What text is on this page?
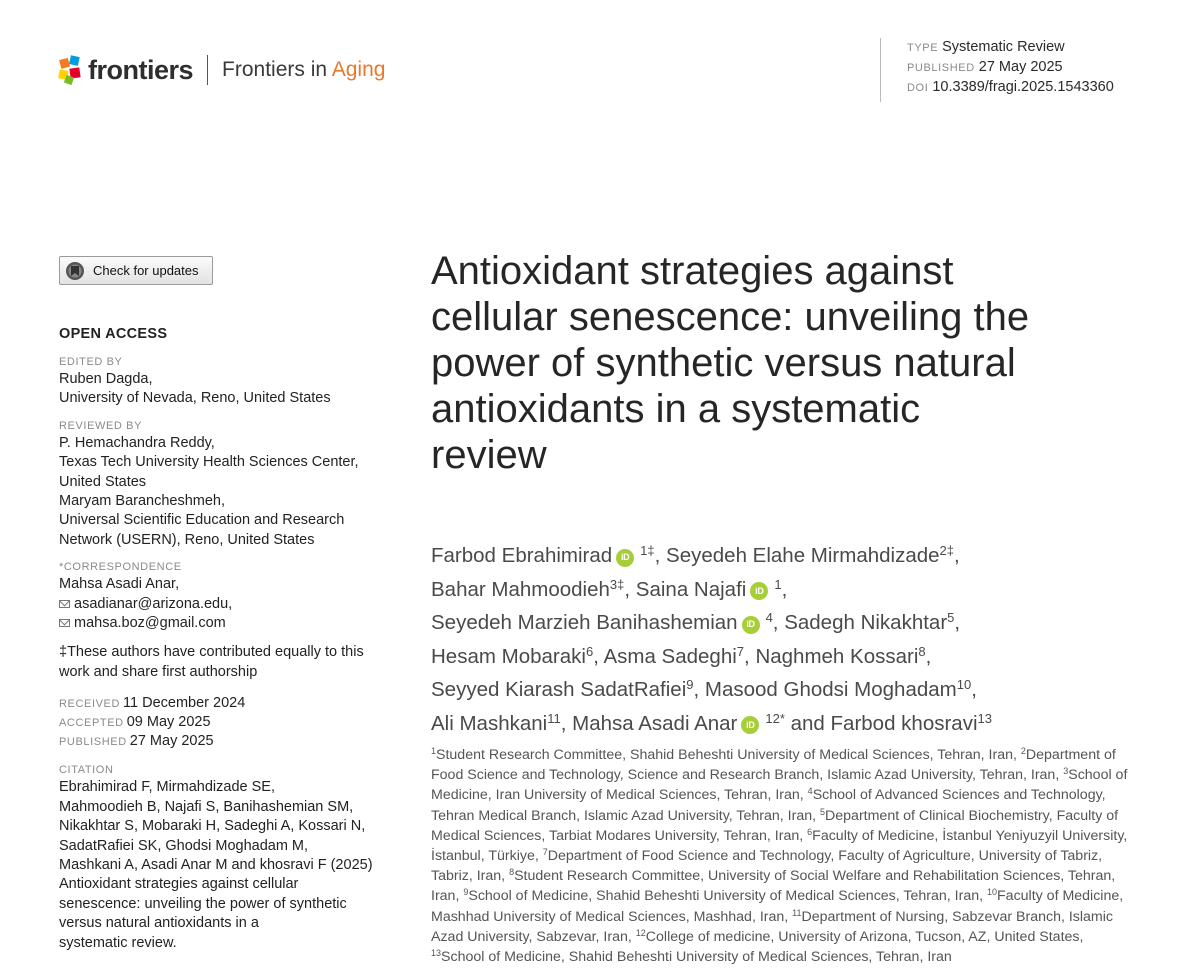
frontiers Frontiers in Aging
TYPE Systematic Review
PUBLISHED 27 May 2025
DOI 10.3389/fragi.2025.1543360
Check for updates
OPEN ACCESS
EDITED BY
Ruben Dagda,
University of Nevada, Reno, United States
REVIEWED BY
P. Hemachandra Reddy,
Texas Tech University Health Sciences Center,
United States
Maryam Barancheshmeh,
Universal Scientific Education and Research
Network (USERN), Reno, United States
*CORRESPONDENCE
Mahsa Asadi Anar,
asadianar@arizona.edu,
mahsa.boz@gmail.com
‡These authors have contributed equally to this
work and share first authorship
RECEIVED 11 December 2024
ACCEPTED 09 May 2025
PUBLISHED 27 May 2025
CITATION
Ebrahimirad F, Mirmahdizade SE,
Mahmoodieh B, Najafi S, Banihashemian SM,
Nikakhtar S, Mobaraki H, Sadeghi A, Kossari N,
SadatRafiei SK, Ghodsi Moghadam M,
Mashkani A, Asadi Anar M and khosravi F (2025)
Antioxidant strategies against cellular
senescence: unveiling the power of synthetic
versus natural antioxidants in a
systematic review.
Antioxidant strategies against
cellular senescence: unveiling the
power of synthetic versus natural
antioxidants in a systematic
review
Farbod Ebrahimirad iD $^{1\ddagger}$, Seyedeh Elahe Mirmahdizade$^{2\ddagger}$,
Bahar Mahmoodieh$^{3\ddagger}$, Saina Najafi iD $^1$,
Seyedeh Marzieh Banihashemian iD $^4$, Sadegh Nikakhtar$^5$,
Hesam Mobaraki$^6$, Asma Sadeghi$^7$, Naghmeh Kossari$^8$,
Seyyed Kiarash SadatRafiei$^9$, Masood Ghodsi Moghadam$^{10}$,
Ali Mashkani$^{11}$, Mahsa Asadi Anar iD $^{12*}$ and Farbod khosravi$^{13}$
$^1$Student Research Committee, Shahid Beheshti University of Medical Sciences, Tehran, Iran, $^2$Department of Food Science and Technology, Science and Research Branch, Islamic Azad University, Tehran, Iran, $^3$School of Medicine, Iran University of Medical Sciences, Tehran, Iran, $^4$School of Advanced Sciences and Technology, Tehran Medical Branch, Islamic Azad University, Tehran, Iran, $^5$Department of Clinical Biochemistry, Faculty of Medical Sciences, Tarbiat Modares University, Tehran, Iran, $^6$Faculty of Medicine, İstanbul Yeniyuzyil University, İstanbul, Türkiye, $^7$Department of Food Science and Technology, Faculty of Agriculture, University of Tabriz, Tabriz, Iran, $^8$Student Research Committee, University of Social Welfare and Rehabilitation Sciences, Tehran, Iran, $^9$School of Medicine, Shahid Beheshti University of Medical Sciences, Tehran, Iran, $^{10}$Faculty of Medicine, Mashhad University of Medical Sciences, Mashhad, Iran, $^{11}$Department of Nursing, Sabzevar Branch, Islamic Azad University, Sabzevar, Iran, $^{12}$College of medicine, University of Arizona, Tucson, AZ, United States, $^{13}$School of Medicine, Shahid Beheshti University of Medical Sciences, Tehran, Iran
